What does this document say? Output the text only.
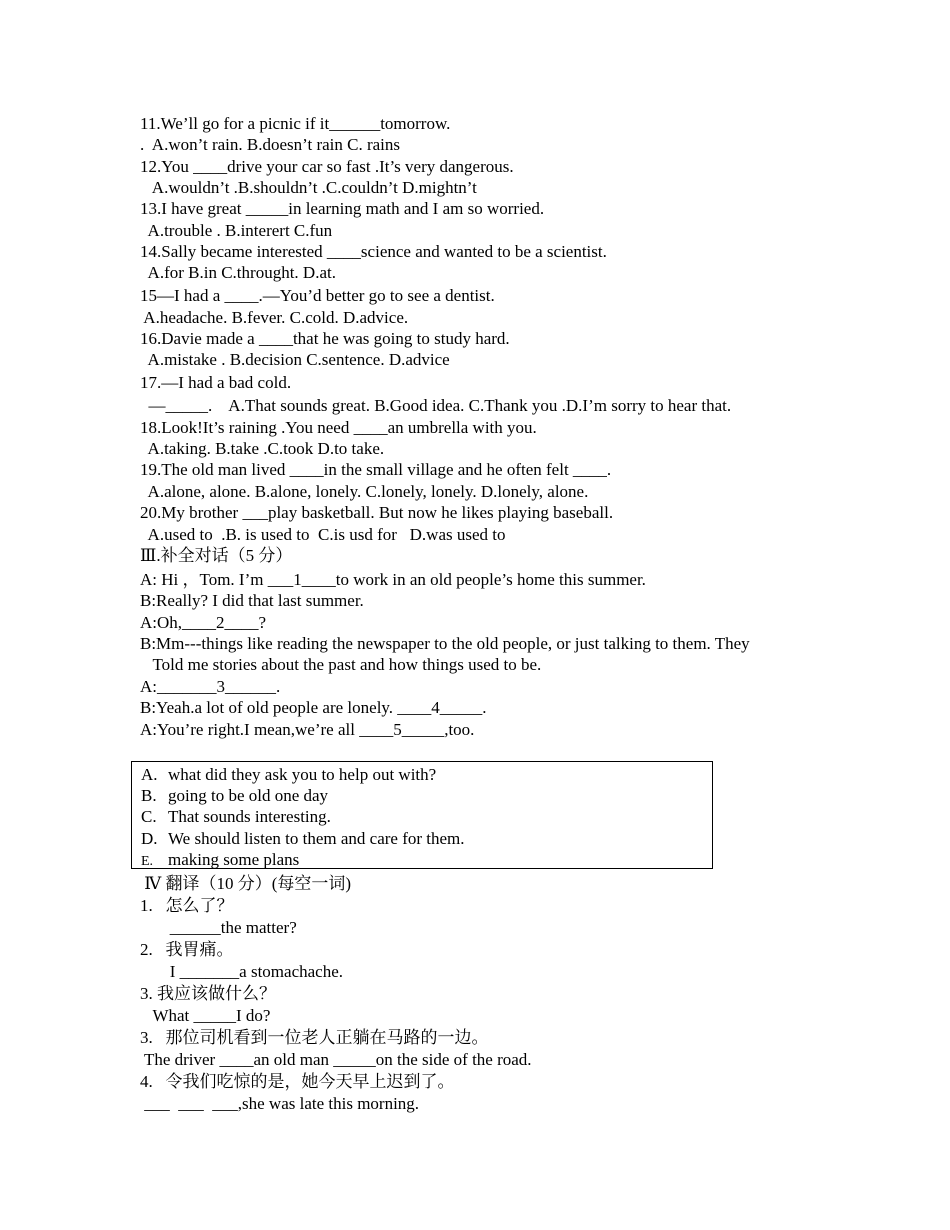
11.We’ll go for a picnic if it______tomorrow.
.  A.won’t rain. B.doesn’t rain C. rains
12.You ____drive your car so fast .It’s very dangerous.
A.wouldn’t .B.shouldn’t .C.couldn’t D.mightn’t
13.I have great _____in learning math and I am so worried.
A.trouble . B.interert C.fun
14.Sally became interested ____science and wanted to be a scientist.
A.for B.in C.throught. D.at.
15—I had a ____.—You’d better go to see a dentist.
A.headache. B.fever. C.cold. D.advice.
16.Davie made a ____that he was going to study hard.
A.mistake . B.decision C.sentence. D.advice
17.—I had a bad cold.
—_____.    A.That sounds great. B.Good idea. C.Thank you .D.I’m sorry to hear that.
18.Look!It’s raining .You need ____an umbrella with you.
A.taking. B.take .C.took D.to take.
19.The old man lived ____in the small village and he often felt ____.
A.alone, alone. B.alone, lonely. C.lonely, lonely. D.lonely, alone.
20.My brother ___play basketball. But now he likes playing baseball.
A.used to  .B. is used to  C.is usd for   D.was used to
Ⅲ.补全对话（5 分）
A: Hi ，Tom. I’m ___1____to work in an old people’s home this summer.
B:Really? I did that last summer.
A:Oh,____2____?
B:Mm---things like reading the newspaper to the old people, or just talking to them. They
Told me stories about the past and how things used to be.
A:_______3______.
B:Yeah.a lot of old people are lonely. ____4_____.
A:You’re right.I mean,we’re all ____5_____,too.
A. what did they ask you to help out with?
B. going to be old one day
C. That sounds interesting.
D. We should listen to them and care for them.
E. making some plans
Ⅳ 翻译（10 分）(每空一词)
1.   怎么了？
______the matter?
2.   我胃痛。
I _______a stomachache.
3. 我应该做什么？
What _____I do?
3.   那位司机看到一位老人正躺在马路的一边。
The driver ____an old man _____on the side of the road.
4.   令我们吃惊的是，她今天早上迟到了。
___  ___  ___,she was late this morning.
